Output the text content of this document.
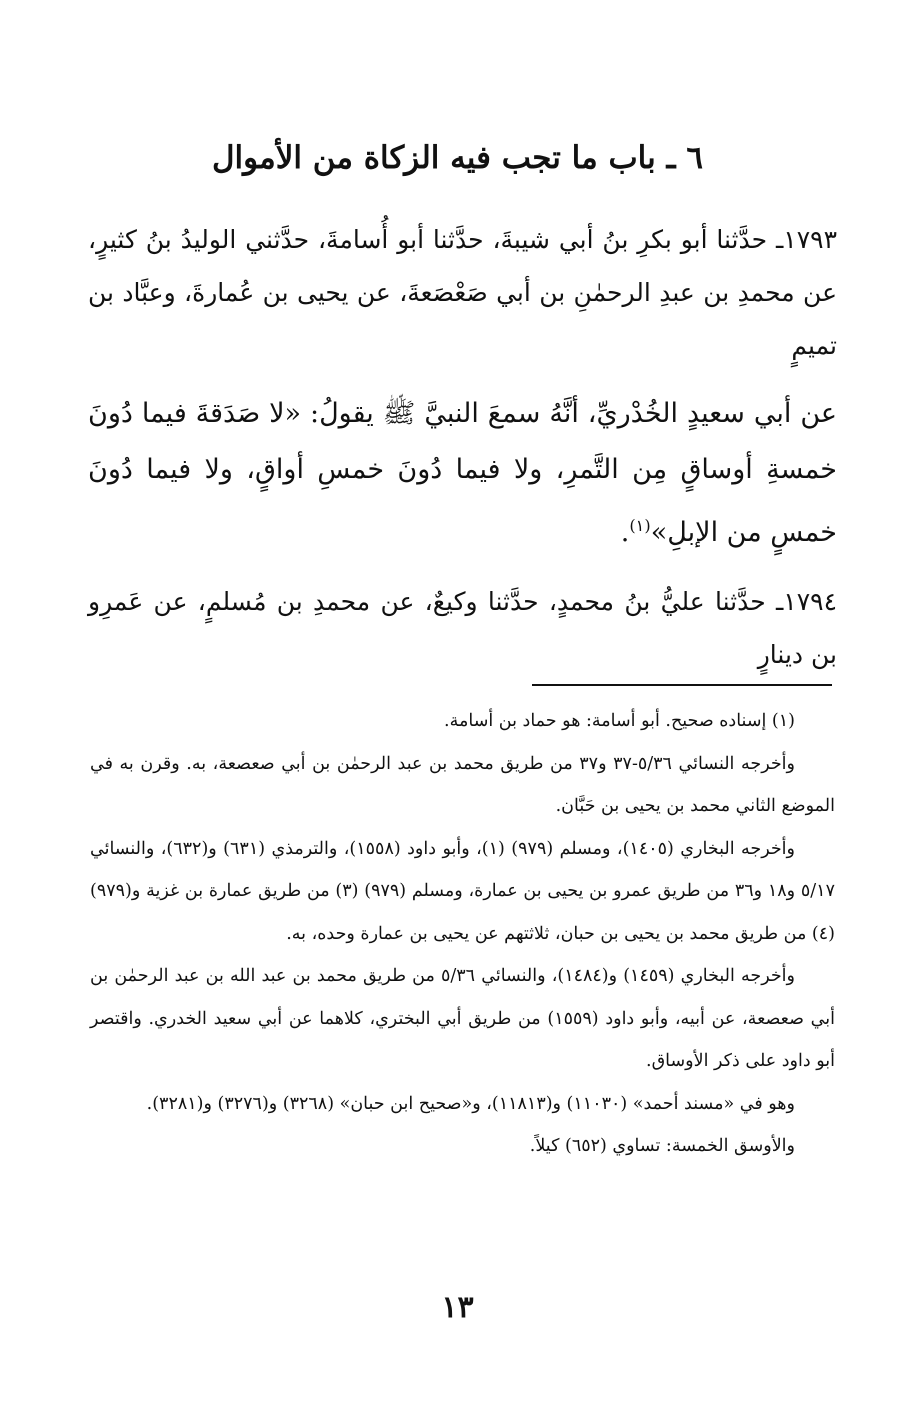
٦ ـ باب ما تجب فيه الزكاة من الأموال

١٧٩٣ـ حدَّثنا أبو بكرِ بنُ أبي شيبةَ، حدَّثنا أبو أُسامةَ، حدَّثني الوليدُ بنُ كثيرٍ، عن محمدِ بن عبدِ الرحمٰنِ بن أبي صَعْصَعةَ، عن يحيى بن عُمارةَ، وعبَّاد بن تميمٍ

عن أبي سعيدٍ الخُدْريِّ، أنَّهُ سمعَ النبيَّ ﷺ يقولُ: «لا صَدَقةَ فيما دُونَ خمسةِ أوساقٍ مِن التَّمرِ، ولا فيما دُونَ خمسِ أواقٍ، ولا فيما دُونَ خمسٍ من الإبلِ»$^{(١)}$.

١٧٩٤ـ حدَّثنا عليُّ بنُ محمدٍ، حدَّثنا وكيعٌ، عن محمدِ بن مُسلمٍ، عن عَمرِو بن دينارٍ

(١) إسناده صحيح. أبو أسامة: هو حماد بن أسامة.

وأخرجه النسائي ٥/٣٦-٣٧ و٣٧ من طريق محمد بن عبد الرحمٰن بن أبي صعصعة، به. وقرن به في الموضع الثاني محمد بن يحيى بن حَبَّان.

وأخرجه البخاري (١٤٠٥)، ومسلم (٩٧٩) (١)، وأبو داود (١٥٥٨)، والترمذي (٦٣١) و(٦٣٢)، والنسائي ٥/١٧ و١٨ و٣٦ من طريق عمرو بن يحيى بن عمارة، ومسلم (٩٧٩) (٣) من طريق عمارة بن غزية و(٩٧٩) (٤) من طريق محمد بن يحيى بن حبان، ثلاثتهم عن يحيى بن عمارة وحده، به.

وأخرجه البخاري (١٤٥٩) و(١٤٨٤)، والنسائي ٥/٣٦ من طريق محمد بن عبد الله بن عبد الرحمٰن بن أبي صعصعة، عن أبيه، وأبو داود (١٥٥٩) من طريق أبي البختري، كلاهما عن أبي سعيد الخدري. واقتصر أبو داود على ذكر الأوساق.

وهو في «مسند أحمد» (١١٠٣٠) و(١١٨١٣)، و«صحيح ابن حبان» (٣٢٦٨) و(٣٢٧٦) و(٣٢٨١).

والأوسق الخمسة: تساوي (٦٥٢) كيلاً.

١٣
